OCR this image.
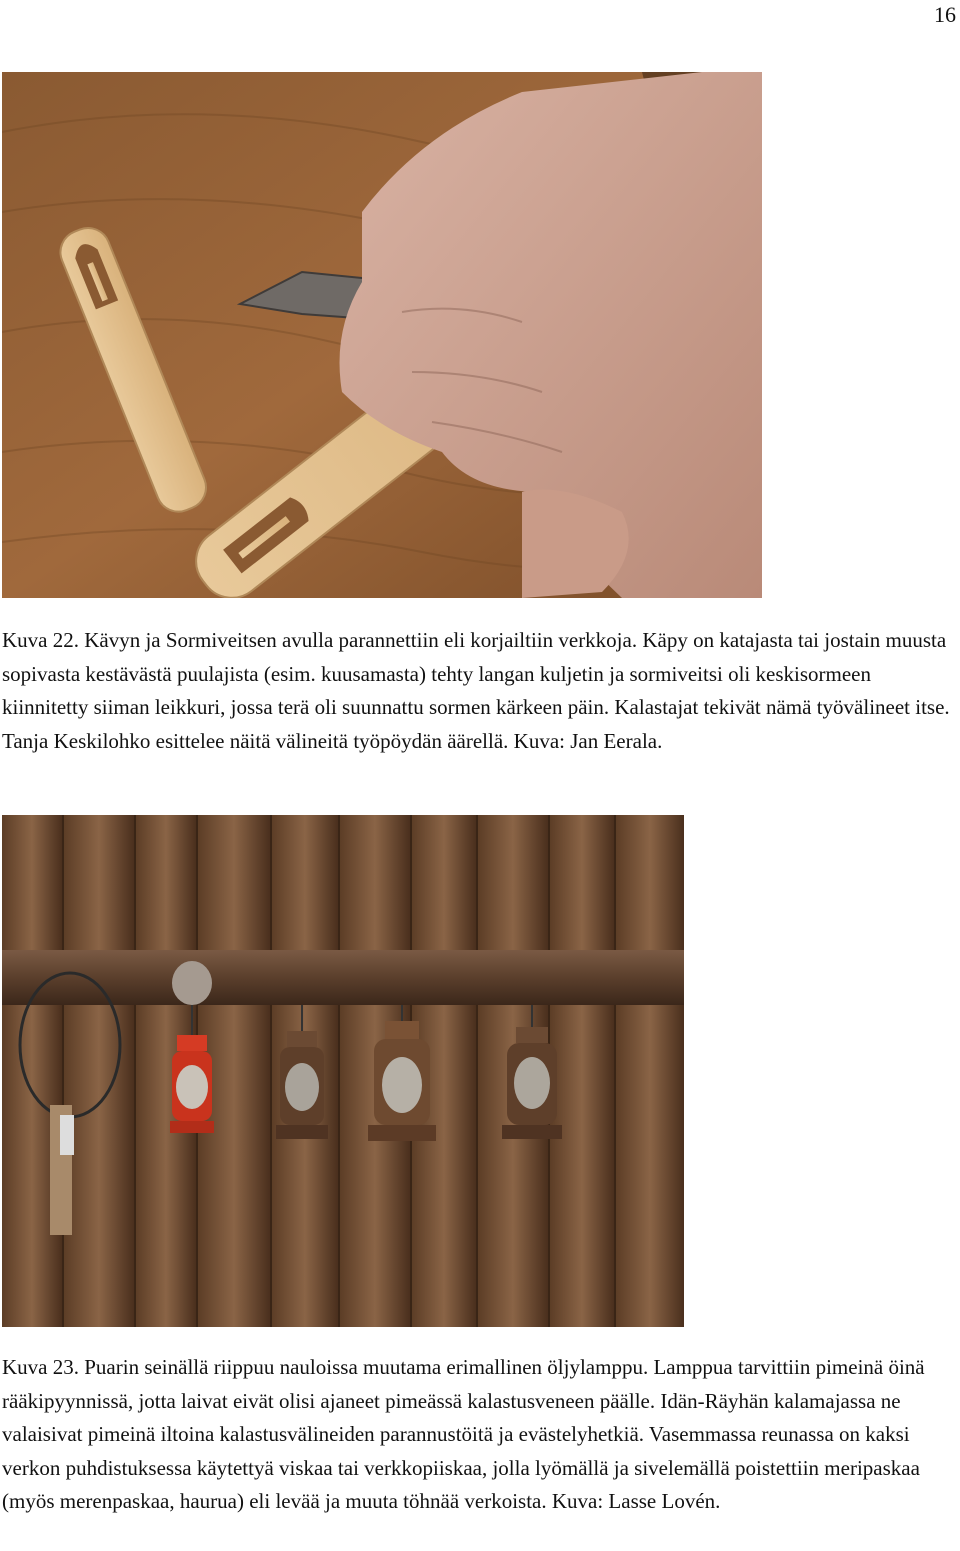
16

Kuva 22. Kävyn ja Sormiveitsen avulla parannettiin eli korjailtiin verkkoja. Käpy on katajasta tai jostain muusta sopivasta kestävästä puulajista (esim. kuusamasta) tehty langan kuljetin ja sormiveitsi oli keskisormeen kiinnitetty siiman leikkuri, jossa terä oli suunnattu sormen kärkeen päin. Kalastajat tekivät nämä työvälineet itse. Tanja Keskilohko esittelee näitä välineitä työpöydän äärellä. Kuva: Jan Eerala.

Kuva 23. Puarin seinällä riippuu nauloissa muutama erimallinen öljylamppu. Lamppua tarvittiin pimeinä öinä rääkipyynnissä, jotta laivat eivät olisi ajaneet pimeässä kalastusveneen päälle. Idän-Räyhän kalamajassa ne valaisivat pimeinä iltoina kalastusvälineiden parannustöitä ja evästelyhetkiä. Vasemmassa reunassa on kaksi verkon puhdistuksessa käytettyä viskaa tai verkkopiiskaa, jolla lyömällä ja sivelemällä poistettiin meripaskaa (myös merenpaskaa, haurua) eli levää ja muuta töhnää verkoista. Kuva: Lasse Lovén.
